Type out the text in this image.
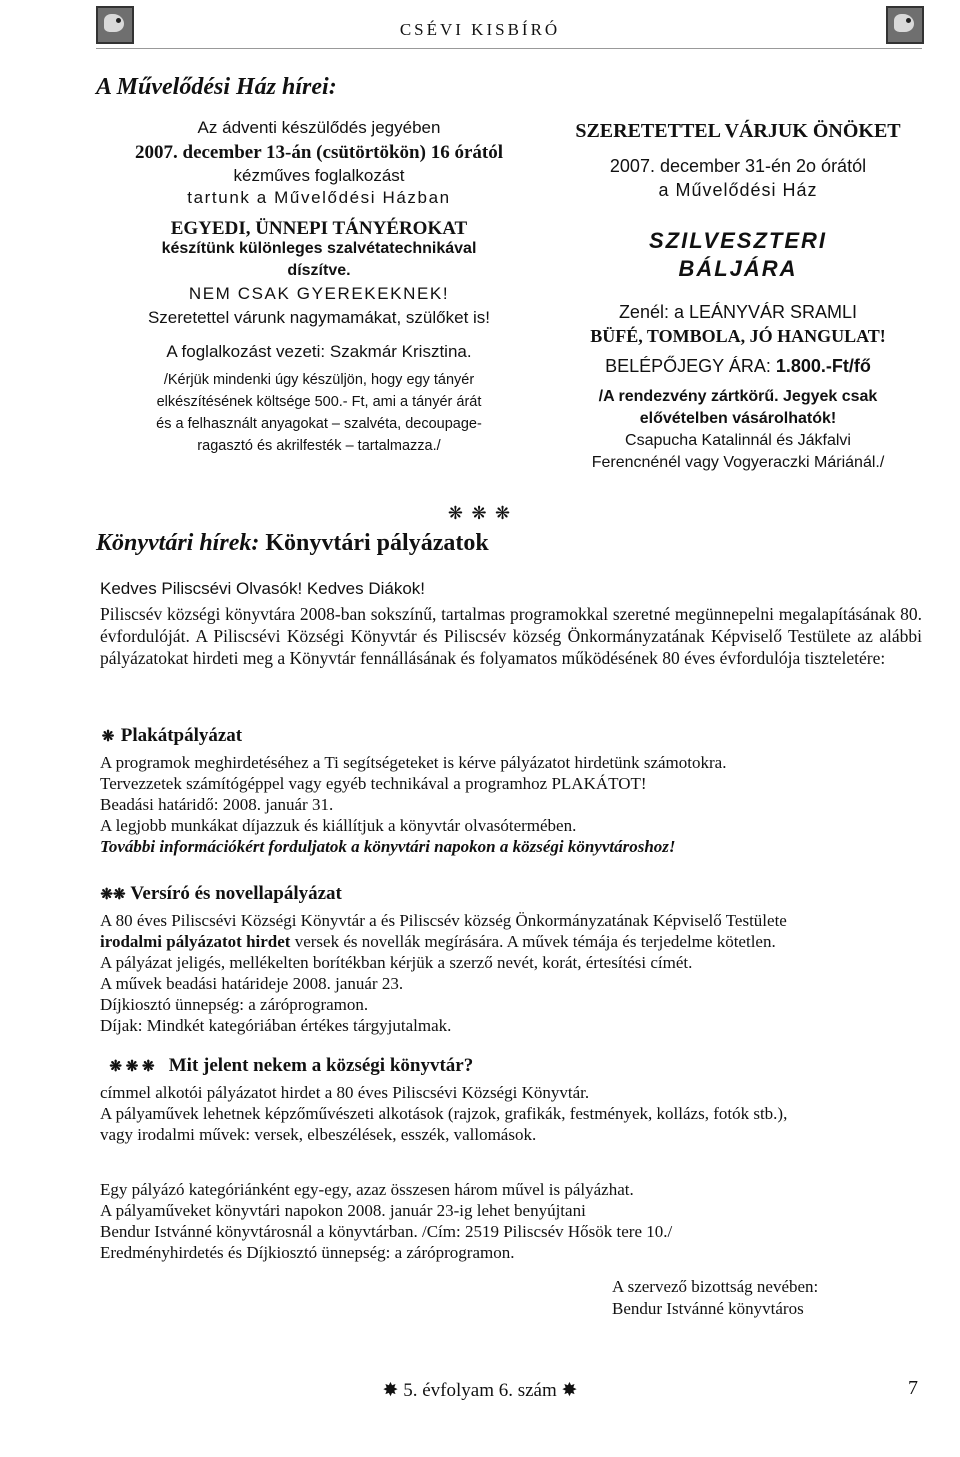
CSÉVI KISBÍRÓ
A Művelődési Ház hírei:
Az ádventi készülődés jegyében
2007. december 13-án (csütörtökön) 16 órától
kézműves foglalkozást
tartunk a Művelődési Házban
EGYEDI, ÜNNEPI TÁNYÉROKAT
készítünk különleges szalvétatechnikával
díszítve.
NEM CSAK GYEREKEKNEK!
Szeretettel várunk nagymamákat, szülőket is!
A foglalkozást vezeti: Szakmár Krisztina.
/Kérjük mindenki úgy készüljön, hogy egy tányér
elkészítésének költsége 500.- Ft, ami a tányér árát
és a felhasznált anyagokat – szalvéta, decoupage-
ragasztó és akrilfesték – tartalmazza./
SZERETETTEL VÁRJUK ÖNÖKET
2007. december 31-én 2o órától
a Művelődési Ház
SZILVESZTERI
BÁLJÁRA
Zenél: a LEÁNYVÁR SRAMLI
BÜFÉ, TOMBOLA, JÓ HANGULAT!
BELÉPŐJEGY ÁRA: 1.800.-Ft/fő
/A rendezvény zártkörű. Jegyek csak
elővételben vásárolhatók!
Csapucha Katalinnál és Jákfalvi
Ferencnénél vagy Vogyeraczki Máriánál./
❋ ❋ ❋
Könyvtári hírek: Könyvtári pályázatok
Kedves Piliscsévi Olvasók! Kedves Diákok!
Piliscsév községi könyvtára 2008-ban sokszínű, tartalmas programokkal szeretné megünnepelni megalapításának 80. évfordulóját. A Piliscsévi Községi Könyvtár és Piliscsév község Önkormányzatának Képviselő Testülete az alábbi pályázatokat hirdeti meg a Könyvtár fennállásának és folyamatos működésének 80 éves évfordulója tiszteletére:
❋ Plakátpályázat

A programok meghirdetéséhez a Ti segítségeteket is kérve pályázatot hirdetünk számotokra.

Tervezzetek számítógéppel vagy egyéb technikával a programhoz PLAKÁTOT!

Beadási határidő: 2008. január 31.

A legjobb munkákat díjazzuk és kiállítjuk a könyvtár olvasótermében.

További információkért forduljatok a könyvtári napokon a községi könyvtároshoz!

❋❋ Versíró és novellapályázat

A 80 éves Piliscsévi Községi Könyvtár a és Piliscsév község Önkormányzatának Képviselő Testülete

irodalmi pályázatot hirdet versek és novellák megírására. A művek témája és terjedelme kötetlen.

A pályázat jeligés, mellékelten borítékban kérjük a szerző nevét, korát, értesítési címét.

A művek beadási határideje 2008. január 23.

Díjkiosztó ünnepség: a záróprogramon.

Díjak: Mindkét kategóriában értékes tárgyjutalmak.

❋ ❋ ❋ Mit jelent nekem a községi könyvtár?

címmel alkotói pályázatot hirdet a 80 éves Piliscsévi Községi Könyvtár.

A pályaművek lehetnek képzőművészeti alkotások (rajzok, grafikák, festmények, kollázs, fotók stb.),

vagy irodalmi művek: versek, elbeszélések, esszék, vallomások.

Egy pályázó kategóriánként egy-egy, azaz összesen három művel is pályázhat.

A pályaműveket könyvtári napokon 2008. január 23-ig lehet benyújtani

Bendur Istvánné könyvtárosnál a könyvtárban. /Cím: 2519 Piliscsév Hősök tere 10./

Eredményhirdetés és Díjkiosztó ünnepség: a záróprogramon.

A szervező bizottság nevében:
Bendur Istvánné könyvtáros
✸ 5. évfolyam 6. szám ✸	7
